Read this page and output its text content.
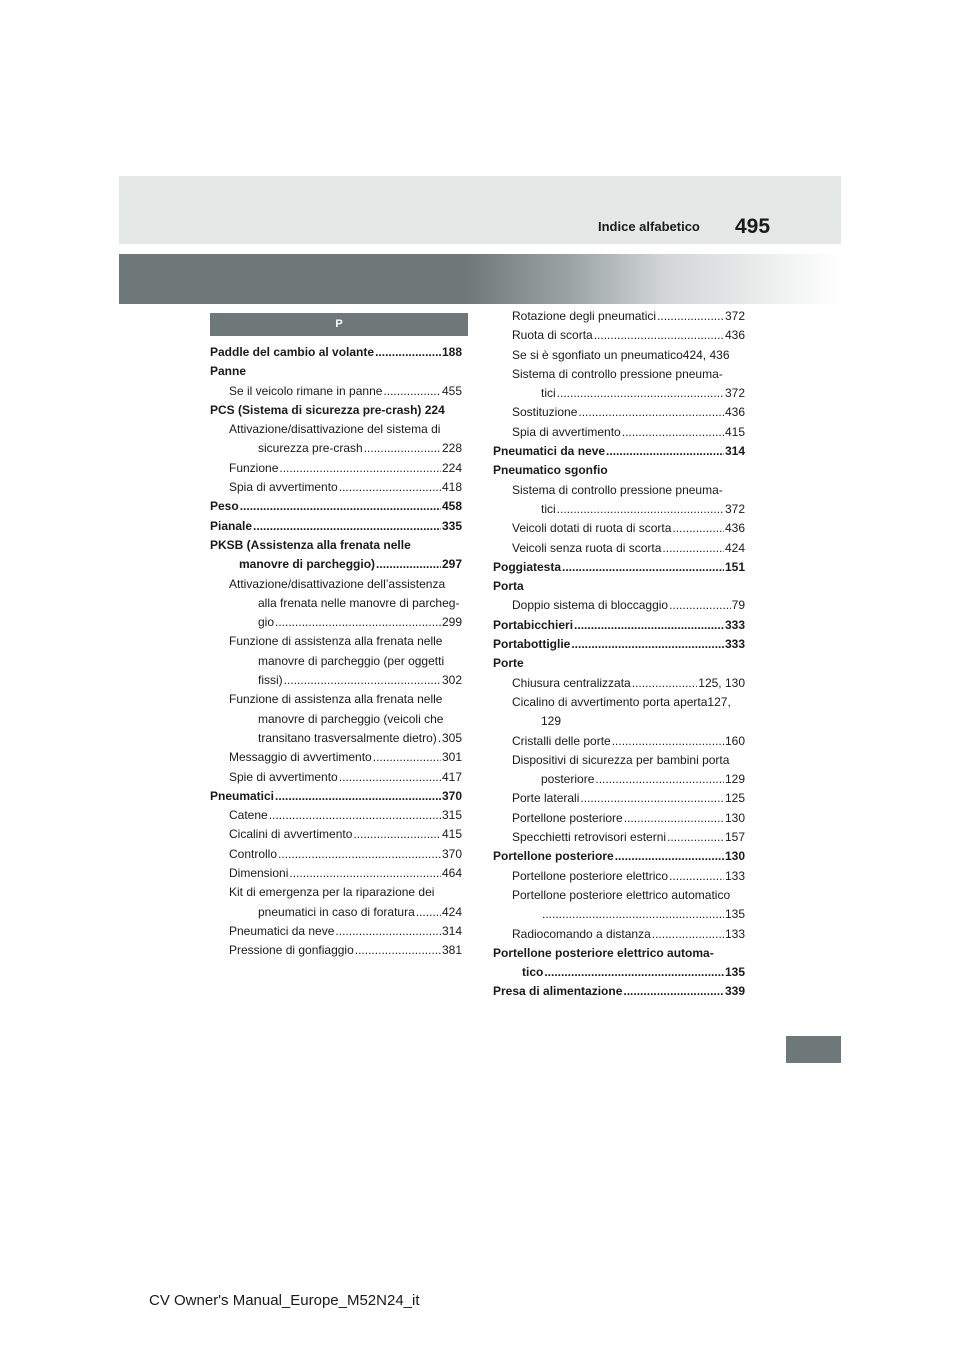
495
Indice alfabetico
P
Paddle del cambio al volante .....	188
Panne
Se il veicolo rimane in panne .....	455
PCS (Sistema di sicurezza pre-crash) 224
Attivazione/disattivazione del sistema di
sicurezza pre-crash .....	228
Funzione .....	224
Spia di avvertimento .....	418
Peso .....	458
Pianale .....	335
PKSB (Assistenza alla frenata nelle
manovre di parcheggio) .....	297
Attivazione/disattivazione dell’assistenza
alla frenata nelle manovre di parcheg-
gio .....	299
Funzione di assistenza alla frenata nelle
manovre di parcheggio (per oggetti
fissi) .....	302
Funzione di assistenza alla frenata nelle
manovre di parcheggio (veicoli che
transitano trasversalmente dietro) ..... 305
Messaggio di avvertimento .....	301
Spie di avvertimento .....	417
Pneumatici .....	370
Catene .....	315
Cicalini di avvertimento .....	415
Controllo .....	370
Dimensioni .....	464
Kit di emergenza per la riparazione dei
pneumatici in caso di foratura ..... 424
Pneumatici da neve .....	314
Pressione di gonfiaggio .....	381
Rotazione degli pneumatici .....	372
Ruota di scorta .....	436
Se si è sgonfiato un pneumatico424, 436
Sistema di controllo pressione pneuma-
tici .....	372
Sostituzione .....	436
Spia di avvertimento .....	415
Pneumatici da neve .....	314
Pneumatico sgonfio
Sistema di controllo pressione pneuma-
tici .....	372
Veicoli dotati di ruota di scorta .....	436
Veicoli senza ruota di scorta .....	424
Poggiatesta .....	151
Porta
Doppio sistema di bloccaggio .....	79
Portabicchieri .....	333
Portabottiglie .....	333
Porte
Chiusura centralizzata .....	125, 130
Cicalino di avvertimento porta aperta127,
129
Cristalli delle porte .....	160
Dispositivi di sicurezza per bambini porta
posteriore .....	129
Porte laterali .....	125
Portellone posteriore .....	130
Specchietti retrovisori esterni .....	157
Portellone posteriore .....	130
Portellone posteriore elettrico .....	133
Portellone posteriore elettrico automatico
.....
135
Radiocomando a distanza .....	133
Portellone posteriore elettrico automa-
tico .....	135
Presa di alimentazione .....	339
CV Owner's Manual_Europe_M52N24_it
